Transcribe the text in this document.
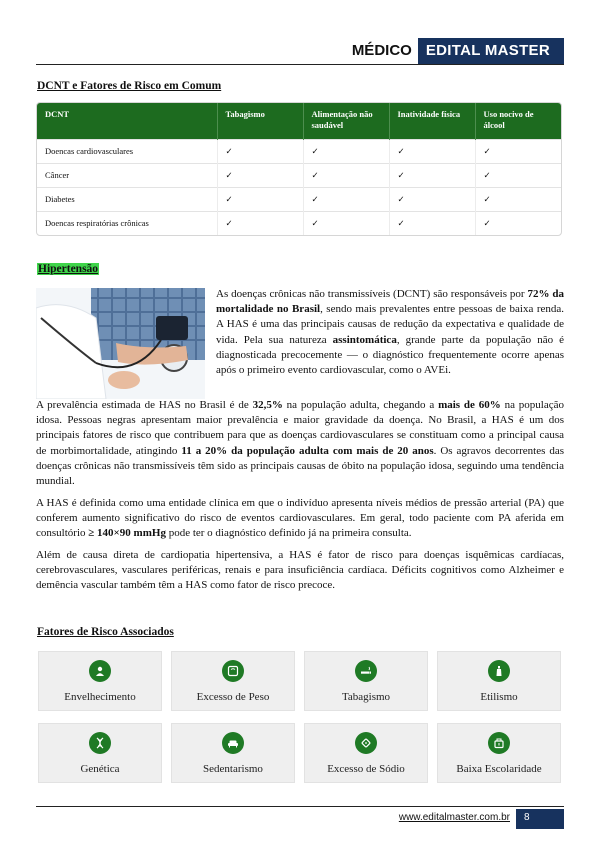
MÉDICO EDITAL MASTER
DCNT e Fatores de Risco em Comum
DCNT	Tabagismo	Alimentação não saudável	Inatividade física	Uso nocivo de álcool
Doencas cardiovasculares	✓	✓	✓	✓
Câncer	✓	✓	✓	✓
Diabetes	✓	✓	✓	✓
Doencas respiratórias crônicas	✓	✓	✓	✓
Hipertensão

As doenças crônicas não transmissíveis (DCNT) são responsáveis por 72% da mortalidade no Brasil, sendo mais prevalentes entre pessoas de baixa renda. A HAS é uma das principais causas de redução da expectativa e qualidade de vida. Pela sua natureza assintomática, grande parte da população não é diagnosticada precocemente — o diagnóstico frequentemente ocorre apenas após o primeiro evento cardiovascular, como o AVEi.

A prevalência estimada de HAS no Brasil é de 32,5% na população adulta, chegando a mais de 60% na população idosa. Pessoas negras apresentam maior prevalência e maior gravidade da doença. No Brasil, a HAS é um dos principais fatores de risco que contribuem para que as doenças cardiovasculares se constituam como a principal causa de morbimortalidade, atingindo 11 a 20% da população adulta com mais de 20 anos. Os agravos decorrentes das doenças crônicas não transmissíveis têm sido as principais causas de óbito na população idosa, seguindo uma tendência mundial.

A HAS é definida como uma entidade clínica em que o indivíduo apresenta níveis médios de pressão arterial (PA) que conferem aumento significativo do risco de eventos cardiovasculares. Em geral, todo paciente com PA aferida em consultório ≥ 140×90 mmHg pode ter o diagnóstico definido já na primeira consulta.

Além de causa direta de cardiopatia hipertensiva, a HAS é fator de risco para doenças isquêmicas cardíacas, cerebrovasculares, vasculares periféricas, renais e para insuficiência cardíaca. Déficits cognitivos como Alzheimer e demência vascular também têm a HAS como fator de risco precoce.

Fatores de Risco Associados
Envelhecimento	Excesso de Peso	Tabagismo	Etilismo
Genética	Sedentarismo	Excesso de Sódio	Baixa Escolaridade
www.editalmaster.com.br	8
